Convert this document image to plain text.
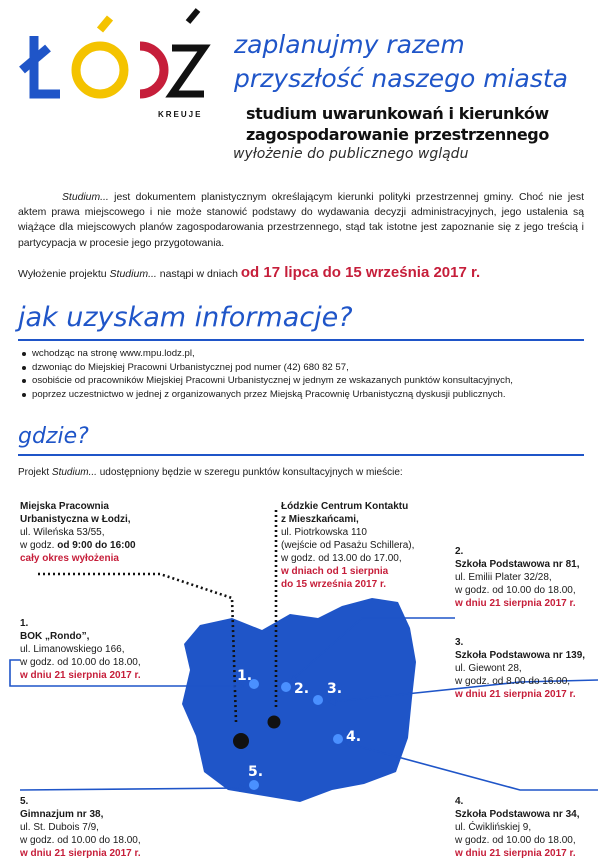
KREUJE
zaplanujmy razem
przyszłość naszego miasta
studium uwarunkowań i kierunków
zagospodarowanie przestrzennego
wyłożenie do publicznego wglądu
Studium... jest dokumentem planistycznym określającym kierunki polityki przestrzennej gminy. Choć nie jest aktem prawa miejscowego i nie może stanowić podstawy do wydawania decyzji administracyjnych, jego ustalenia są wiążące dla miejscowych planów zagospodarowania przestrzennego, stąd tak istotne jest zapoznanie się z jego treścią i partycypacja w procesie jego przygotowania.
Wyłożenie projektu Studium... nastąpi w dniach od 17 lipca do 15 września 2017 r.
jak uzyskam informacje?
wchodząc na stronę www.mpu.lodz.pl,
dzwoniąc do Miejskiej Pracowni Urbanistycznej pod numer (42) 680 82 57,
osobiście od pracowników Miejskiej Pracowni Urbanistycznej w jednym ze wskazanych punktów konsultacyjnych,
poprzez uczestnictwo w jednej z organizowanych przez Miejską Pracownię Urbanistyczną dyskusji publicznych.
gdzie?
Projekt Studium... udostępniony będzie w szeregu punktów konsultacyjnych w mieście:
1.
2. 3.
4.
5.
Miejska Pracownia
Urbanistyczna w Łodzi,
ul. Wileńska 53/55,
w godz. od 9:00 do 16:00
cały okres wyłożenia
Łódzkie Centrum Kontaktu
z Mieszkańcami,
ul. Piotrkowska 110
(wejście od Pasażu Schillera),
w godz. od 13.00 do 17.00,
w dniach od 1 sierpnia
do 15 września 2017 r.
2.
Szkoła Podstawowa nr 81,
ul. Emilii Plater 32/28,
w godz. od 10.00 do 18.00,
w dniu 21 sierpnia 2017 r.
1.
BOK „Rondo”,
ul. Limanowskiego 166,
w godz. od 10.00 do 18.00,
w dniu 21 sierpnia 2017 r.
3.
Szkoła Podstawowa nr 139,
ul. Giewont 28,
w godz. od 8.00 do 16.00,
w dniu 21 sierpnia 2017 r.
5.
Gimnazjum nr 38,
ul. St. Dubois 7/9,
w godz. od 10.00 do 18.00,
w dniu 21 sierpnia 2017 r.
4.
Szkoła Podstawowa nr 34,
ul. Ćwiklińskiej 9,
w godz. od 10.00 do 18.00,
w dniu 21 sierpnia 2017 r.
